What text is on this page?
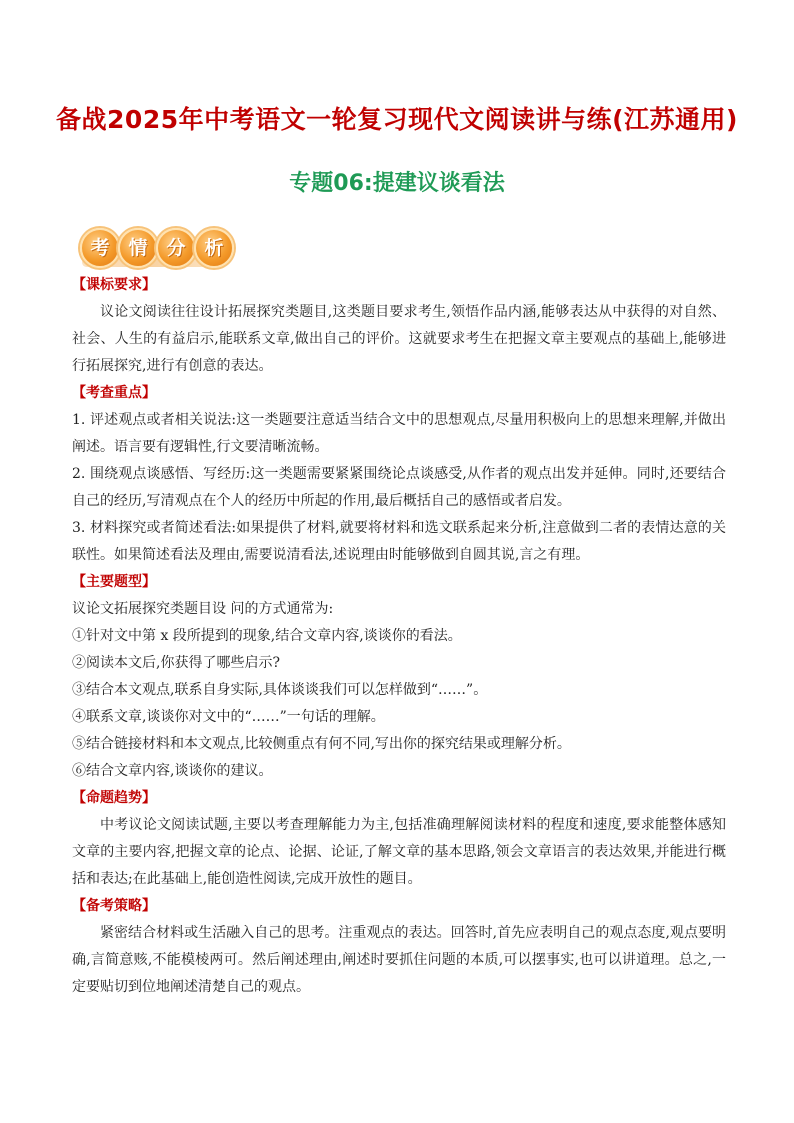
备战2025年中考语文一轮复习现代文阅读讲与练(江苏通用)
专题06:提建议谈看法
考 情 分 析
【课标要求】
议论文阅读往往设计拓展探究类题目,这类题目要求考生,领悟作品内涵,能够表达从中获得的对自然、社会、人生的有益启示,能联系文章,做出自己的评价。这就要求考生在把握文章主要观点的基础上,能够进行拓展探究,进行有创意的表达。
【考查重点】
1. 评述观点或者相关说法:这一类题要注意适当结合文中的思想观点,尽量用积极向上的思想来理解,并做出阐述。语言要有逻辑性,行文要清晰流畅。
2. 围绕观点谈感悟、写经历:这一类题需要紧紧围绕论点谈感受,从作者的观点出发并延伸。同时,还要结合自己的经历,写清观点在个人的经历中所起的作用,最后概括自己的感悟或者启发。
3. 材料探究或者简述看法:如果提供了材料,就要将材料和选文联系起来分析,注意做到二者的表情达意的关联性。如果简述看法及理由,需要说清看法,述说理由时能够做到自圆其说,言之有理。
【主要题型】
议论文拓展探究类题目设 问的方式通常为:
①针对文中第 x 段所提到的现象,结合文章内容,谈谈你的看法。
②阅读本文后,你获得了哪些启示?
③结合本文观点,联系自身实际,具体谈谈我们可以怎样做到“……”。
④联系文章,谈谈你对文中的“……”一句话的理解。
⑤结合链接材料和本文观点,比较侧重点有何不同,写出你的探究结果或理解分析。
⑥结合文章内容,谈谈你的建议。
【命题趋势】
中考议论文阅读试题,主要以考查理解能力为主,包括准确理解阅读材料的程度和速度,要求能整体感知文章的主要内容,把握文章的论点、论据、论证,了解文章的基本思路,领会文章语言的表达效果,并能进行概括和表达;在此基础上,能创造性阅读,完成开放性的题目。
【备考策略】
紧密结合材料或生活融入自己的思考。注重观点的表达。回答时,首先应表明自己的观点态度,观点要明确,言简意赅,不能模棱两可。然后阐述理由,阐述时要抓住问题的本质,可以摆事实,也可以讲道理。总之,一定要贴切到位地阐述清楚自己的观点。
